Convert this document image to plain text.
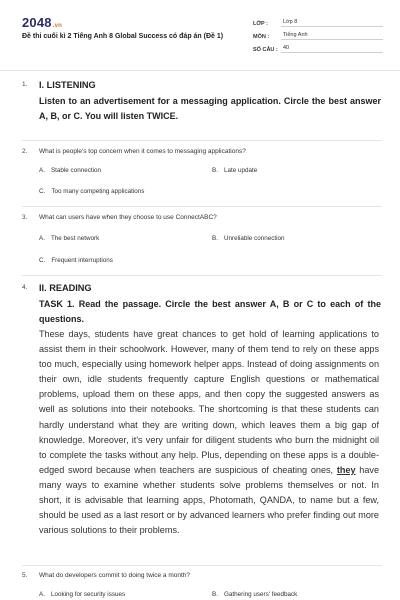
2048.vn
Đề thi cuối kì 2 Tiếng Anh 8 Global Success có đáp án (Đề 1)
LỚP :	Lớp 8
MÔN :	Tiếng Anh
SỐ CÂU : 40
1. I. LISTENING
Listen to an advertisement for a messaging application. Circle the best answer A, B, or C. You will listen TWICE.
2. What is people's top concern when it comes to messaging applications?
A. Stable connection	B. Late update
C. Too many competing applications
3. What can users have when they choose to use ConnectABC?
A. The best network	B. Unreliable connection
C. Frequent interruptions
4. II. READING
TASK 1. Read the passage. Circle the best answer A, B or C to each of the questions.
These days, students have great chances to get hold of learning applications to assist them in their schoolwork. However, many of them tend to rely on these apps too much, especially using homework helper apps. Instead of doing assignments on their own, idle students frequently capture English questions or mathematical problems, upload them on these apps, and then copy the suggested answers as well as solutions into their notebooks. The shortcoming is that these students can hardly understand what they are writing down, which leaves them a big gap of knowledge. Moreover, it's very unfair for diligent students who burn the midnight oil to complete the tasks without any help. Plus, depending on these apps is a double-edged sword because when teachers are suspicious of cheating ones, they have many ways to examine whether students solve problems themselves or not. In short, it is advisable that learning apps, Photomath, QANDA, to name but a few, should be used as a last resort or by advanced learners who prefer finding out more various solutions to their problems.
5. What do developers commit to doing twice a month?
A. Looking for security issues	B. Gathering users' feedback
